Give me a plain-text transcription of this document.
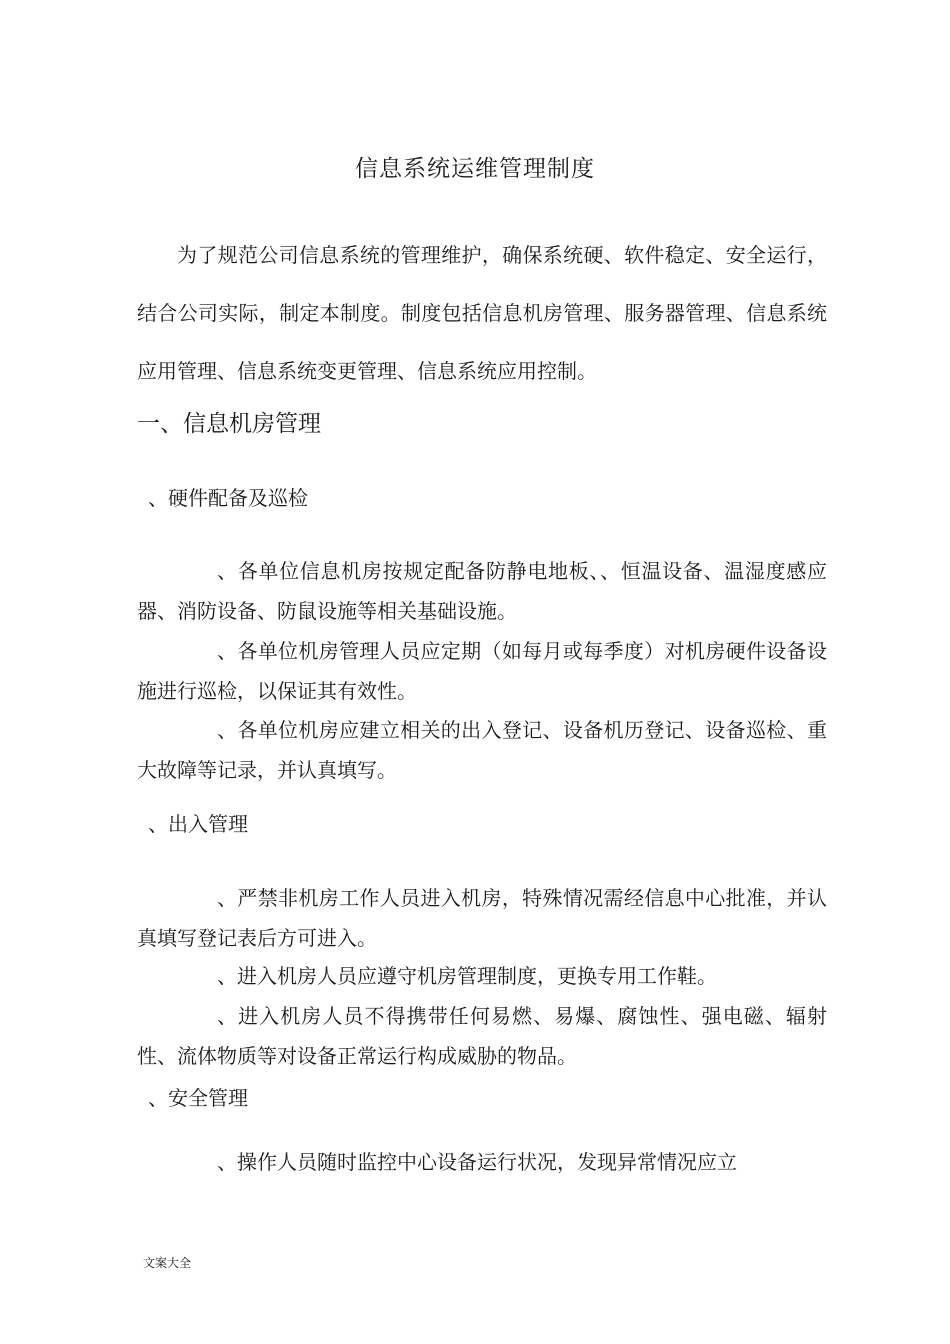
信息系统运维管理制度

为了规范公司信息系统的管理维护，确保系统硬、软件稳定、安全运行，结合公司实际，制定本制度。制度包括信息机房管理、服务器管理、信息系统应用管理、信息系统变更管理、信息系统应用控制。

一、信息机房管理
、硬件配备及巡检

、各单位信息机房按规定配备防静电地板、、恒温设备、温湿度感应器、消防设备、防鼠设施等相关基础设施。

、各单位机房管理人员应定期（如每月或每季度）对机房硬件设备设施进行巡检，以保证其有效性。

、各单位机房应建立相关的出入登记、设备机历登记、设备巡检、重大故障等记录，并认真填写。

、出入管理

、严禁非机房工作人员进入机房，特殊情况需经信息中心批准，并认真填写登记表后方可进入。

、进入机房人员应遵守机房管理制度，更换专用工作鞋。

、进入机房人员不得携带任何易燃、易爆、腐蚀性、强电磁、辐射性、流体物质等对设备正常运行构成威胁的物品。

、安全管理

、操作人员随时监控中心设备运行状况，发现异常情况应立

文案大全
